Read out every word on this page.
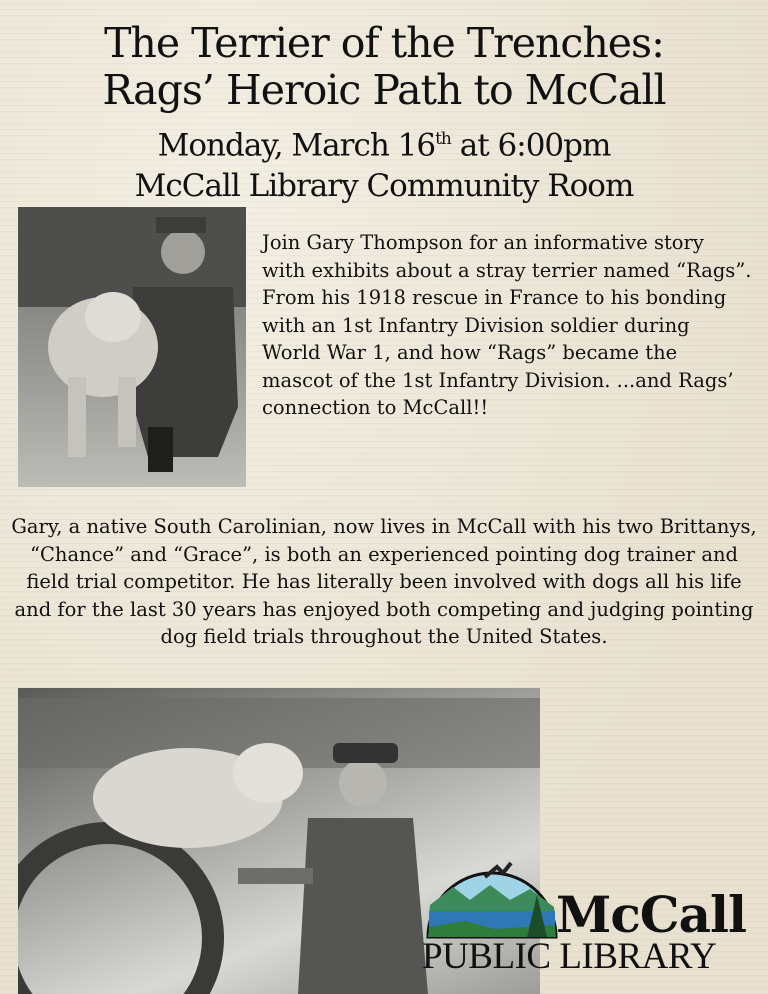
The Terrier of the Trenches:
Rags’ Heroic Path to McCall
Monday, March 16th at 6:00pm
McCall Library Community Room
Join Gary Thompson for an informative story with exhibits about a stray terrier named “Rags”. From his 1918 rescue in France to his bonding with an 1st Infantry Division soldier during World War 1, and how “Rags” became the mascot of the 1st Infantry Division. ...and Rags’ connection to McCall!!
Gary, a native South Carolinian, now lives in McCall with his two Brittanys, “Chance” and “Grace”, is both an experienced pointing dog trainer and field trial competitor. He has literally been involved with dogs all his life and for the last 30 years has enjoyed both competing and judging pointing dog field trials throughout the United States.
McCall
PUBLIC LIBRARY
